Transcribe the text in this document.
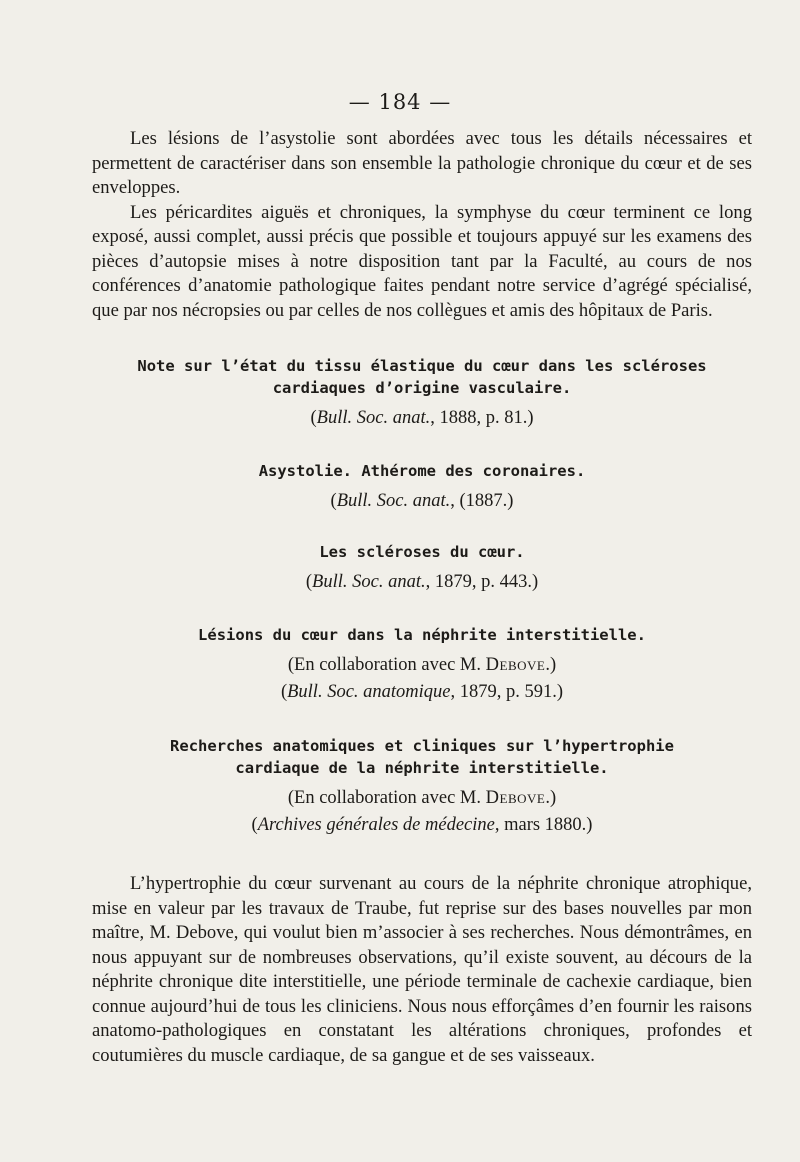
— 184 —

Les lésions de l’asystolie sont abordées avec tous les détails nécessaires et permettent de caractériser dans son ensemble la pathologie chronique du cœur et de ses enveloppes.

Les péricardites aiguës et chroniques, la symphyse du cœur terminent ce long exposé, aussi complet, aussi précis que possible et toujours appuyé sur les examens des pièces d’autopsie mises à notre disposition tant par la Faculté, au cours de nos conférences d’anatomie pathologique faites pendant notre service d’agrégé spécialisé, que par nos nécropsies ou par celles de nos collègues et amis des hôpitaux de Paris.

Note sur l’état du tissu élastique du cœur dans les scléroses cardiaques d’origine vasculaire.
(Bull. Soc. anat., 1888, p. 81.)
Asystolie. Athérome des coronaires.
(Bull. Soc. anat., (1887.)
Les scléroses du cœur.
(Bull. Soc. anat., 1879, p. 443.)
Lésions du cœur dans la néphrite interstitielle.
(En collaboration avec M. Debove.)
(Bull. Soc. anatomique, 1879, p. 591.)
Recherches anatomiques et cliniques sur l’hypertrophie cardiaque de la néphrite interstitielle.
(En collaboration avec M. Debove.)
(Archives générales de médecine, mars 1880.)

L’hypertrophie du cœur survenant au cours de la néphrite chronique atrophique, mise en valeur par les travaux de Traube, fut reprise sur des bases nouvelles par mon maître, M. Debove, qui voulut bien m’associer à ses recherches. Nous démontrâmes, en nous appuyant sur de nombreuses observations, qu’il existe souvent, au décours de la néphrite chronique dite interstitielle, une période terminale de cachexie cardiaque, bien connue aujourd’hui de tous les cliniciens. Nous nous efforçâmes d’en fournir les raisons anatomo-pathologiques en constatant les altérations chroniques, profondes et coutumières du muscle cardiaque, de sa gangue et de ses vaisseaux.
